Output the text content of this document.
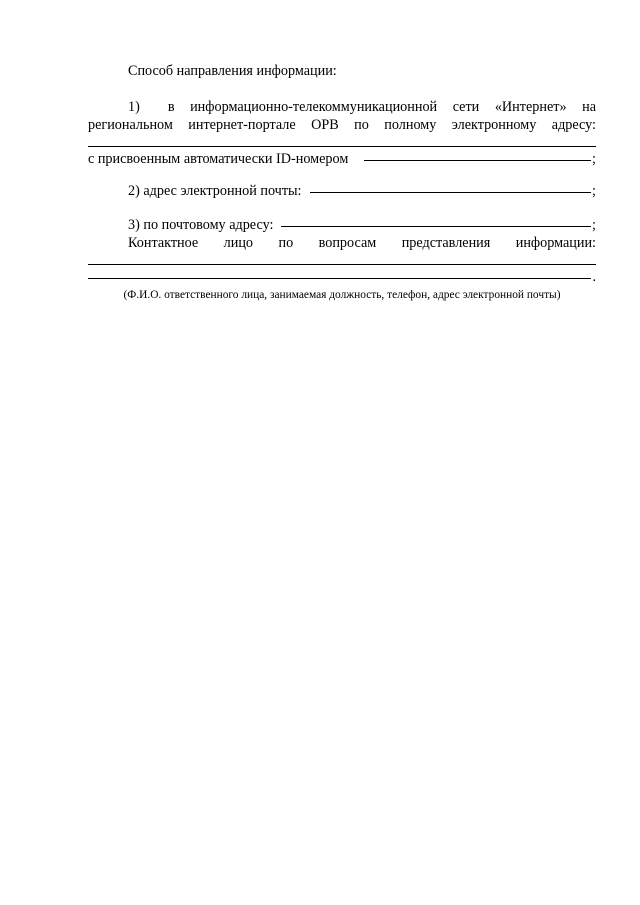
Способ направления информации:
1) в информационно-телекоммуникационной сети «Интернет» на
региональном интернет-портале ОРВ по полному электронному адресу:
с присвоенным автоматически ID-номером	;
2) адрес электронной почты:	;
3) по почтовому адресу:	;
Контактное лицо по вопросам представления информации:
.
(Ф.И.О. ответственного лица, занимаемая должность, телефон, адрес электронной почты)
